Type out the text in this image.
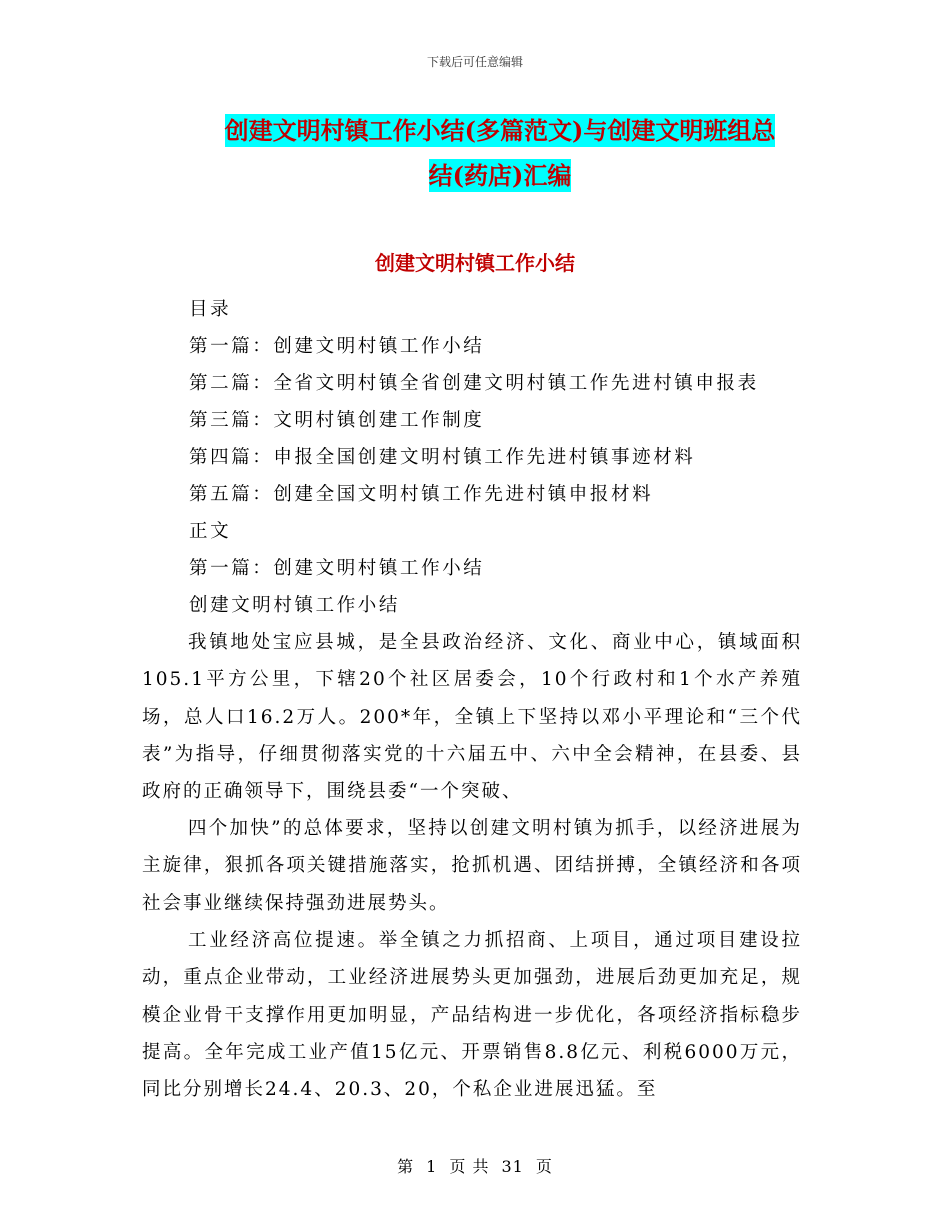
下载后可任意编辑
创建文明村镇工作小结(多篇范文)与创建文明班组总
结(药店)汇编
创建文明村镇工作小结
目录
第一篇：创建文明村镇工作小结
第二篇：全省文明村镇全省创建文明村镇工作先进村镇申报表
第三篇：文明村镇创建工作制度
第四篇：申报全国创建文明村镇工作先进村镇事迹材料
第五篇：创建全国文明村镇工作先进村镇申报材料
正文
第一篇：创建文明村镇工作小结
创建文明村镇工作小结

我镇地处宝应县城，是全县政治经济、文化、商业中心，镇域面积105.1平方公里，下辖20个社区居委会，10个行政村和1个水产养殖场，总人口16.2万人。200*年，全镇上下坚持以邓小平理论和“三个代表”为指导，仔细贯彻落实党的十六届五中、六中全会精神，在县委、县政府的正确领导下，围绕县委“一个突破、

四个加快”的总体要求，坚持以创建文明村镇为抓手，以经济进展为主旋律，狠抓各项关键措施落实，抢抓机遇、团结拼搏，全镇经济和各项社会事业继续保持强劲进展势头。

工业经济高位提速。举全镇之力抓招商、上项目，通过项目建设拉动，重点企业带动，工业经济进展势头更加强劲，进展后劲更加充足，规模企业骨干支撑作用更加明显，产品结构进一步优化，各项经济指标稳步提高。全年完成工业产值15亿元、开票销售8.8亿元、利税6000万元，同比分别增长24.4、20.3、20，个私企业进展迅猛。至

第 1 页 共 31 页
